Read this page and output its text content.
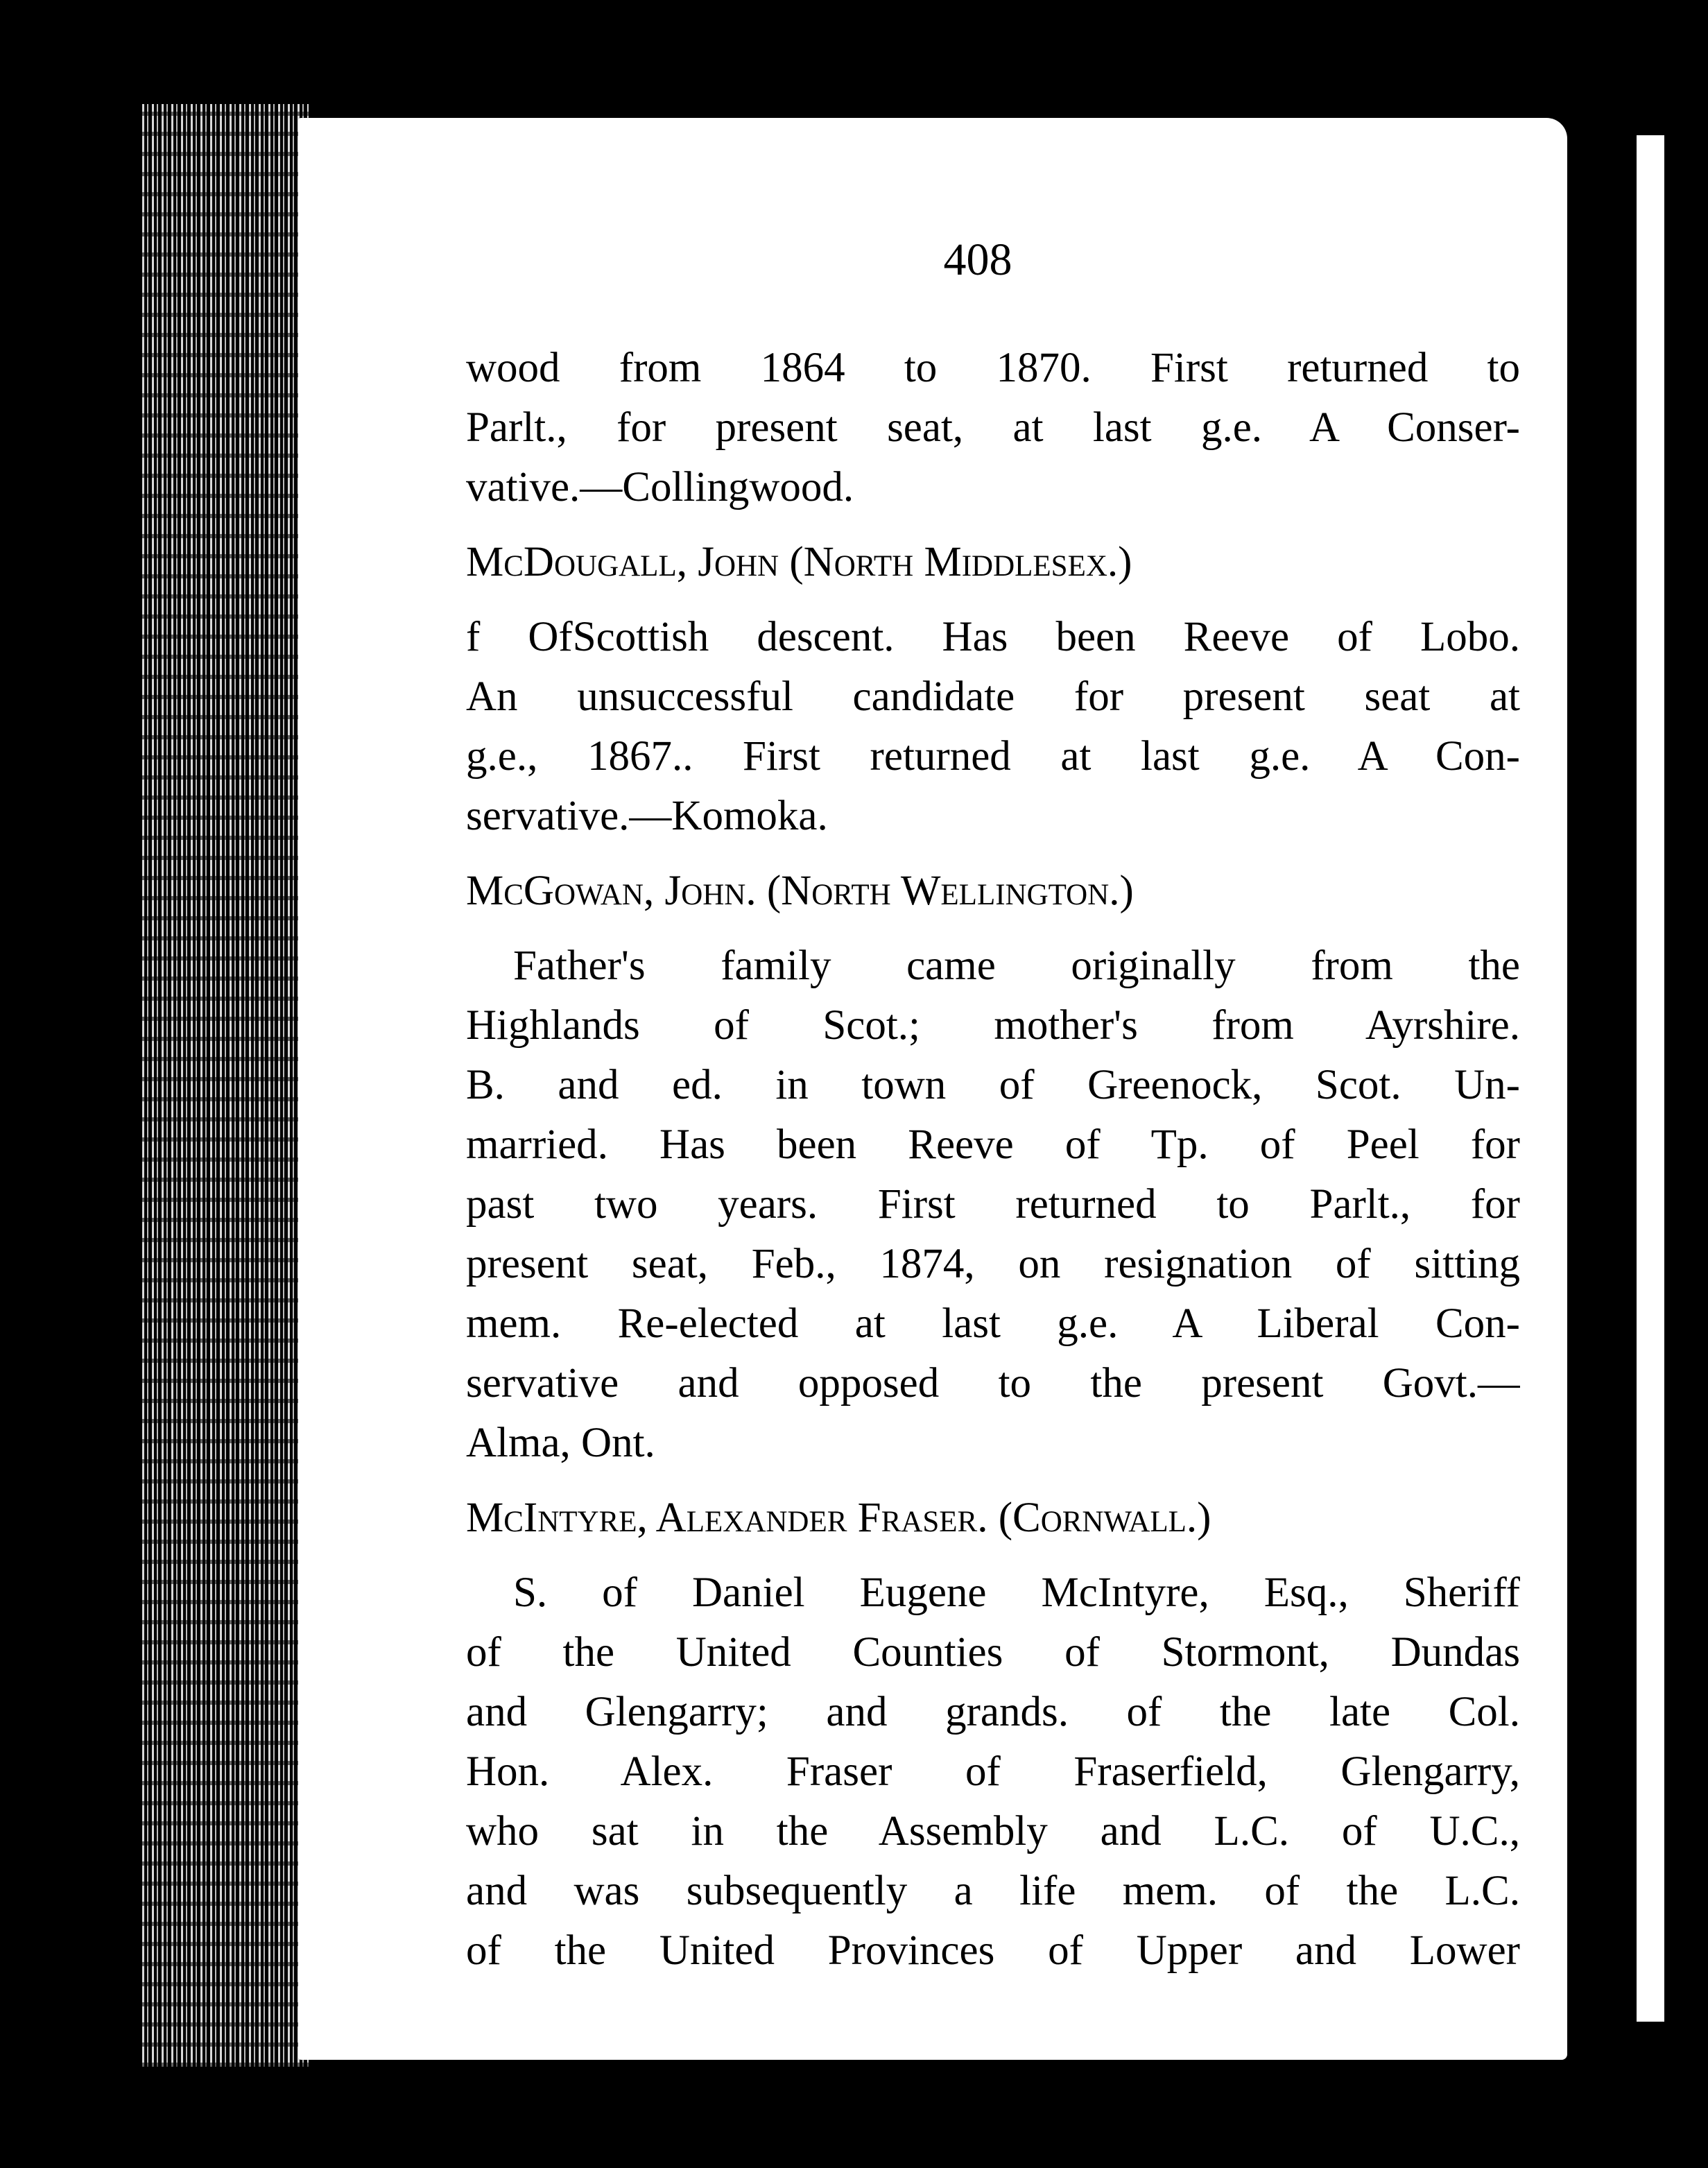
408
wood from 1864 to 1870. First returned to
Parlt., for present seat, at last g.e. A Conser-
vative.—Collingwood.
McDougall, John (North Middlesex.)
f OfScottish descent. Has been Reeve of Lobo.
An unsuccessful candidate for present seat at
g.e., 1867.. First returned at last g.e. A Con-
servative.—Komoka.
McGowan, John. (North Wellington.)
Father's family came originally from the
Highlands of Scot.; mother's from Ayrshire.
B. and ed. in town of Greenock, Scot. Un-
married. Has been Reeve of Tp. of Peel for
past two years. First returned to Parlt., for
present seat, Feb., 1874, on resignation of sitting
mem. Re-elected at last g.e. A Liberal Con-
servative and opposed to the present Govt.—
Alma, Ont.
McIntyre, Alexander Fraser. (Cornwall.)
S. of Daniel Eugene McIntyre, Esq., Sheriff
of the United Counties of Stormont, Dundas
and Glengarry; and grands. of the late Col.
Hon. Alex. Fraser of Fraserfield, Glengarry,
who sat in the Assembly and L.C. of U.C.,
and was subsequently a life mem. of the L.C.
of the United Provinces of Upper and Lower
